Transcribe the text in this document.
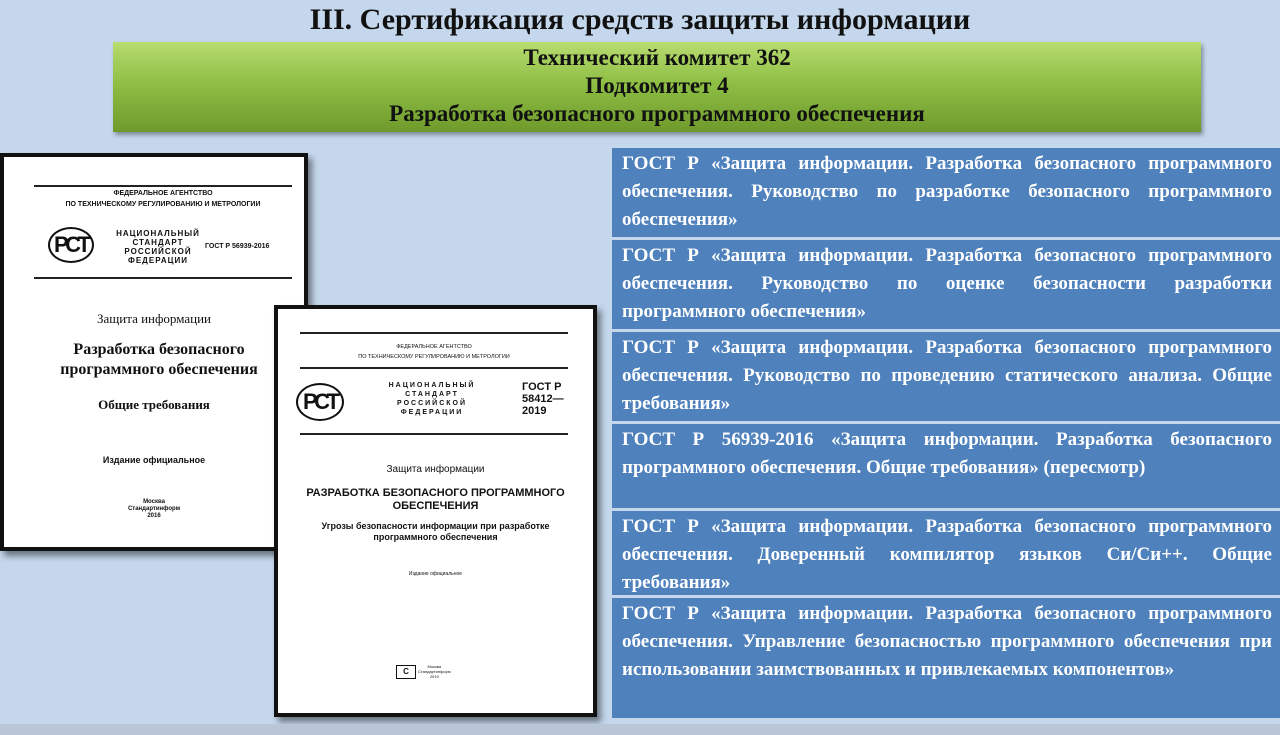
III. Сертификация средств защиты информации
Технический комитет 362
Подкомитет 4
Разработка безопасного программного обеспечения
ФЕДЕРАЛЬНОЕ АГЕНТСТВО
ПО ТЕХНИЧЕСКОМУ РЕГУЛИРОВАНИЮ И МЕТРОЛОГИИ
РСТ	НАЦИОНАЛЬНЫЙ
СТАНДАРТ
РОССИЙСКОЙ
ФЕДЕРАЦИИ
ГОСТ Р 56939-2016
Защита информации
Разработка безопасного
программного обеспечения
Общие требования
Издание официальное
Москва
Стандартинформ
2016
ФЕДЕРАЛЬНОЕ АГЕНТСТВО
ПО ТЕХНИЧЕСКОМУ РЕГУЛИРОВАНИЮ И МЕТРОЛОГИИ
РСТ
НАЦИОНАЛЬНЫЙ
СТАНДАРТ
РОССИЙСКОЙ
ФЕДЕРАЦИИ
ГОСТ Р
58412—
2019
Защита информации
РАЗРАБОТКА БЕЗОПАСНОГО ПРОГРАММНОГО
ОБЕСПЕЧЕНИЯ
Угрозы безопасности информации при разработке
программного обеспечения
Издание официальное
С
Москва
Стандартинформ
2019
ГОСТ Р «Защита информации. Разработка безопасного программного обеспечения. Руководство по разработке безопасного программного обеспечения»
ГОСТ Р «Защита информации. Разработка безопасного программного обеспечения. Руководство по оценке безопасности разработки программного обеспечения»
ГОСТ Р «Защита информации. Разработка безопасного программного обеспечения. Руководство по проведению статического анализа. Общие требования»
ГОСТ Р 56939-2016 «Защита информации. Разработка безопасного программного обеспечения. Общие требования» (пересмотр)
ГОСТ Р «Защита информации. Разработка безопасного программного обеспечения. Доверенный компилятор языков Си/Си++. Общие требования»
ГОСТ Р «Защита информации. Разработка безопасного программного обеспечения. Управление безопасностью программного обеспечения при использовании заимствованных и привлекаемых компонентов»
